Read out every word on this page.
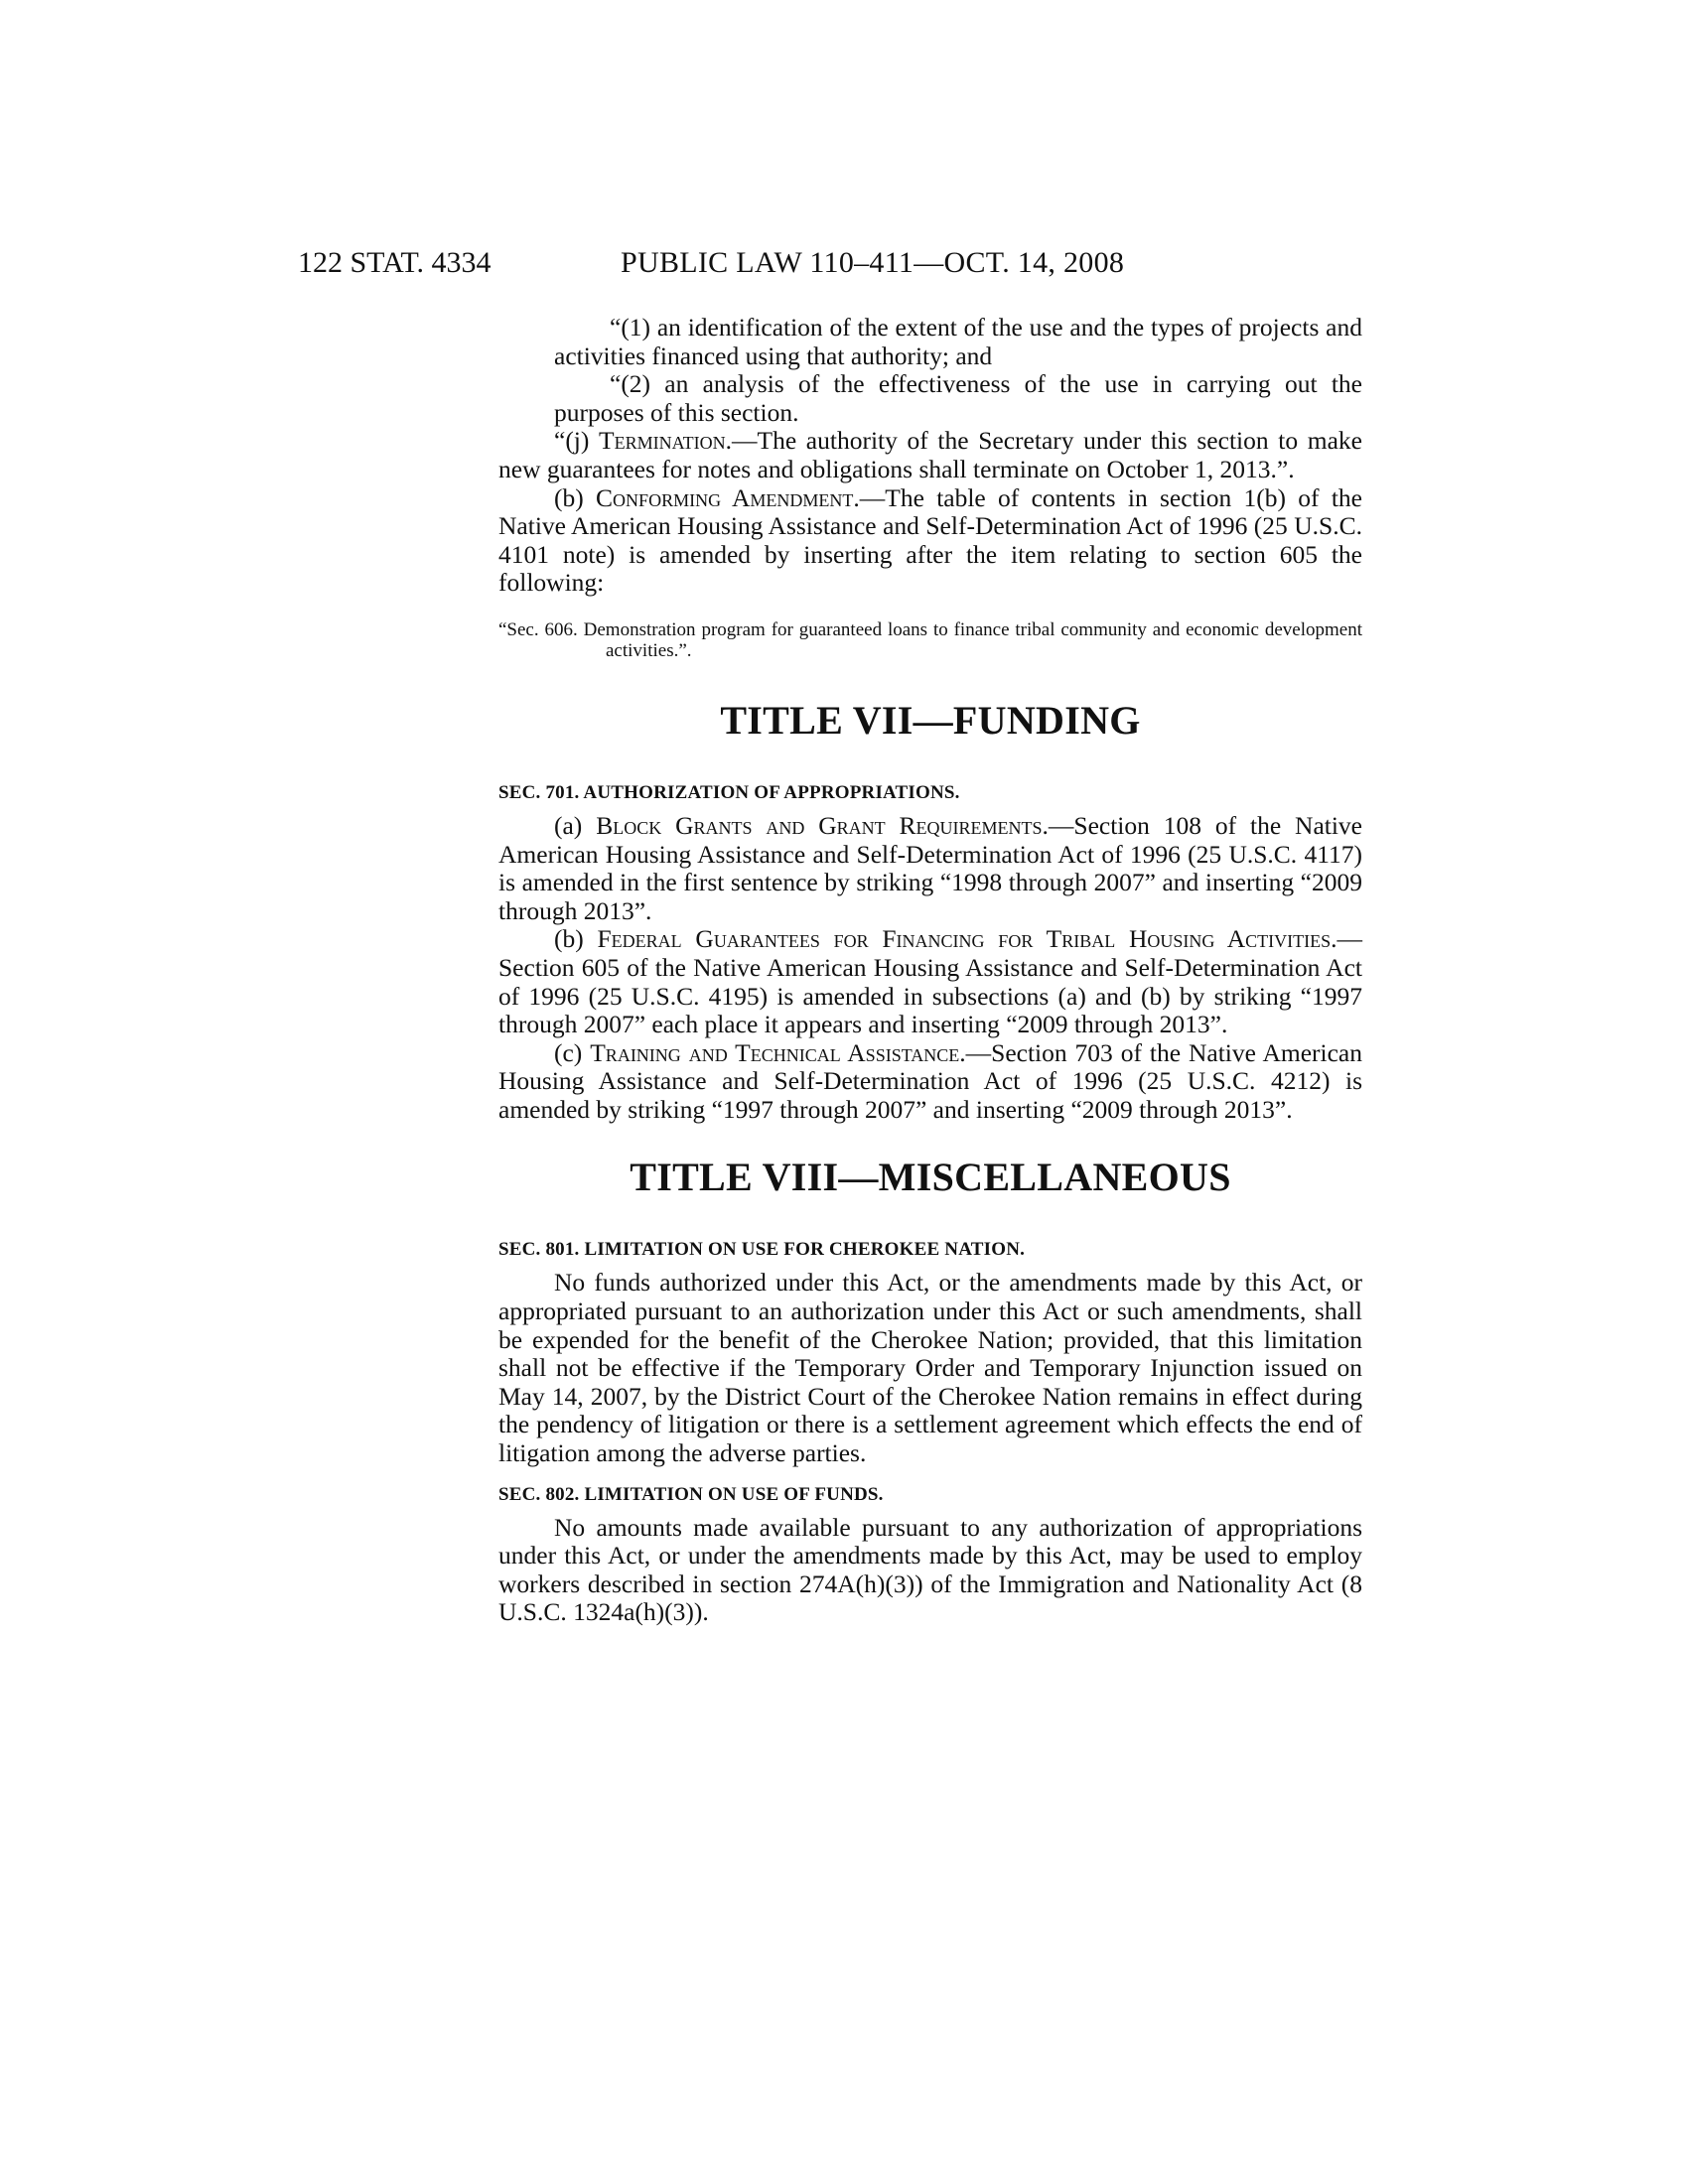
122 STAT. 4334	PUBLIC LAW 110–411—OCT. 14, 2008

“(1) an identification of the extent of the use and the types of projects and activities financed using that authority; and

“(2) an analysis of the effectiveness of the use in carrying out the purposes of this section.

“(j) Termination.—The authority of the Secretary under this section to make new guarantees for notes and obligations shall terminate on October 1, 2013.”.

(b) Conforming Amendment.—The table of contents in section 1(b) of the Native American Housing Assistance and Self-Determination Act of 1996 (25 U.S.C. 4101 note) is amended by inserting after the item relating to section 605 the following:

“Sec. 606. Demonstration program for guaranteed loans to finance tribal community and economic development activities.”.

TITLE VII—FUNDING

SEC. 701. AUTHORIZATION OF APPROPRIATIONS.

(a) Block Grants and Grant Requirements.—Section 108 of the Native American Housing Assistance and Self-Determination Act of 1996 (25 U.S.C. 4117) is amended in the first sentence by striking “1998 through 2007” and inserting “2009 through 2013”.

(b) Federal Guarantees for Financing for Tribal Housing Activities.—Section 605 of the Native American Housing Assistance and Self-Determination Act of 1996 (25 U.S.C. 4195) is amended in subsections (a) and (b) by striking “1997 through 2007” each place it appears and inserting “2009 through 2013”.

(c) Training and Technical Assistance.—Section 703 of the Native American Housing Assistance and Self-Determination Act of 1996 (25 U.S.C. 4212) is amended by striking “1997 through 2007” and inserting “2009 through 2013”.

TITLE VIII—MISCELLANEOUS

SEC. 801. LIMITATION ON USE FOR CHEROKEE NATION.

No funds authorized under this Act, or the amendments made by this Act, or appropriated pursuant to an authorization under this Act or such amendments, shall be expended for the benefit of the Cherokee Nation; provided, that this limitation shall not be effective if the Temporary Order and Temporary Injunction issued on May 14, 2007, by the District Court of the Cherokee Nation remains in effect during the pendency of litigation or there is a settlement agreement which effects the end of litigation among the adverse parties.

SEC. 802. LIMITATION ON USE OF FUNDS.

No amounts made available pursuant to any authorization of appropriations under this Act, or under the amendments made by this Act, may be used to employ workers described in section 274A(h)(3)) of the Immigration and Nationality Act (8 U.S.C. 1324a(h)(3)).
